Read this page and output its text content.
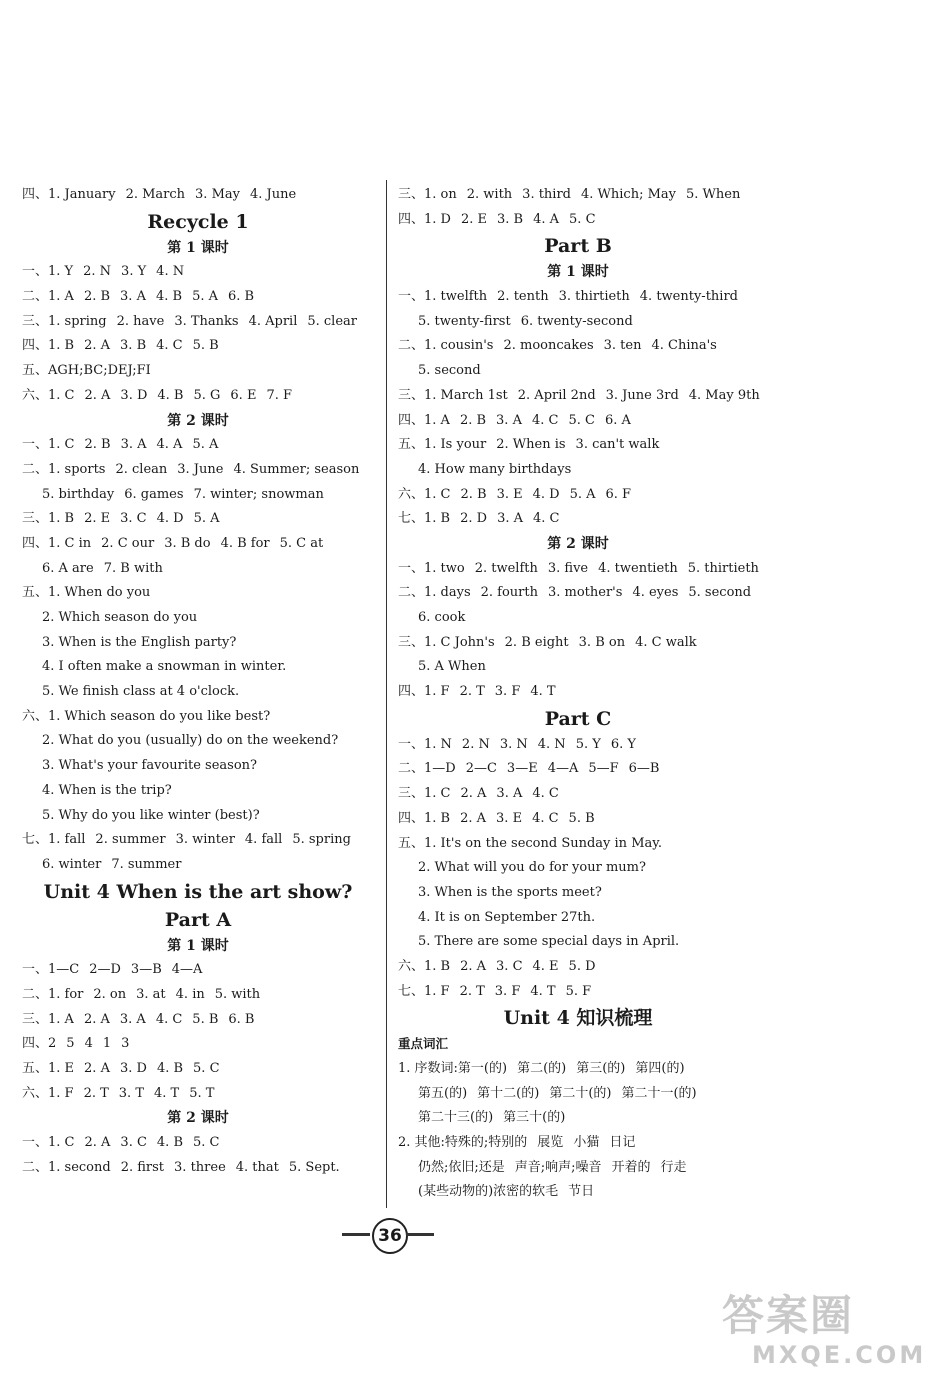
四、1. January 2. March 3. May 4. June
Recycle 1
第 1 课时
一、1. Y 2. N 3. Y 4. N
二、1. A 2. B 3. A 4. B 5. A 6. B
三、1. spring 2. have 3. Thanks 4. April 5. clear
四、1. B 2. A 3. B 4. C 5. B
五、AGH;BC;DEJ;FI
六、1. C 2. A 3. D 4. B 5. G 6. E 7. F
第 2 课时
一、1. C 2. B 3. A 4. A 5. A
二、1. sports 2. clean 3. June 4. Summer; season
5. birthday 6. games 7. winter; snowman
三、1. B 2. E 3. C 4. D 5. A
四、1. C in 2. C our 3. B do 4. B for 5. C at
6. A are 7. B with
五、1. When do you
2. Which season do you
3. When is the English party?
4. I often make a snowman in winter.
5. We finish class at 4 o'clock.
六、1. Which season do you like best?
2. What do you (usually) do on the weekend?
3. What's your favourite season?
4. When is the trip?
5. Why do you like winter (best)?
七、1. fall 2. summer 3. winter 4. fall 5. spring
6. winter 7. summer
Unit 4 When is the art show?
Part A
第 1 课时
一、1—C 2—D 3—B 4—A
二、1. for 2. on 3. at 4. in 5. with
三、1. A 2. A 3. A 4. C 5. B 6. B
四、2 5 4 1 3
五、1. E 2. A 3. D 4. B 5. C
六、1. F 2. T 3. T 4. T 5. T
第 2 课时
一、1. C 2. A 3. C 4. B 5. C
二、1. second 2. first 3. three 4. that 5. Sept.
三、1. on 2. with 3. third 4. Which; May 5. When
四、1. D 2. E 3. B 4. A 5. C
Part B
第 1 课时
一、1. twelfth 2. tenth 3. thirtieth 4. twenty-third
5. twenty-first 6. twenty-second
二、1. cousin's 2. mooncakes 3. ten 4. China's
5. second
三、1. March 1st 2. April 2nd 3. June 3rd 4. May 9th
四、1. A 2. B 3. A 4. C 5. C 6. A
五、1. Is your 2. When is 3. can't walk
4. How many birthdays
六、1. C 2. B 3. E 4. D 5. A 6. F
七、1. B 2. D 3. A 4. C
第 2 课时
一、1. two 2. twelfth 3. five 4. twentieth 5. thirtieth
二、1. days 2. fourth 3. mother's 4. eyes 5. second
6. cook
三、1. C John's 2. B eight 3. B on 4. C walk
5. A When
四、1. F 2. T 3. F 4. T
Part C
一、1. N 2. N 3. N 4. N 5. Y 6. Y
二、1—D 2—C 3—E 4—A 5—F 6—B
三、1. C 2. A 3. A 4. C
四、1. B 2. A 3. E 4. C 5. B
五、1. It's on the second Sunday in May.
2. What will you do for your mum?
3. When is the sports meet?
4. It is on September 27th.
5. There are some special days in April.
六、1. B 2. A 3. C 4. E 5. D
七、1. F 2. T 3. F 4. T 5. F
Unit 4 知识梳理
重点词汇
1. 序数词:第一(的) 第二(的) 第三(的) 第四(的)
第五(的) 第十二(的) 第二十(的) 第二十一(的)
第二十三(的) 第三十(的)
2. 其他:特殊的;特别的 展览 小猫 日记
仍然;依旧;还是 声音;响声;噪音 开着的 行走
(某些动物的)浓密的软毛 节日
36
答案圈
MXQE.COM
